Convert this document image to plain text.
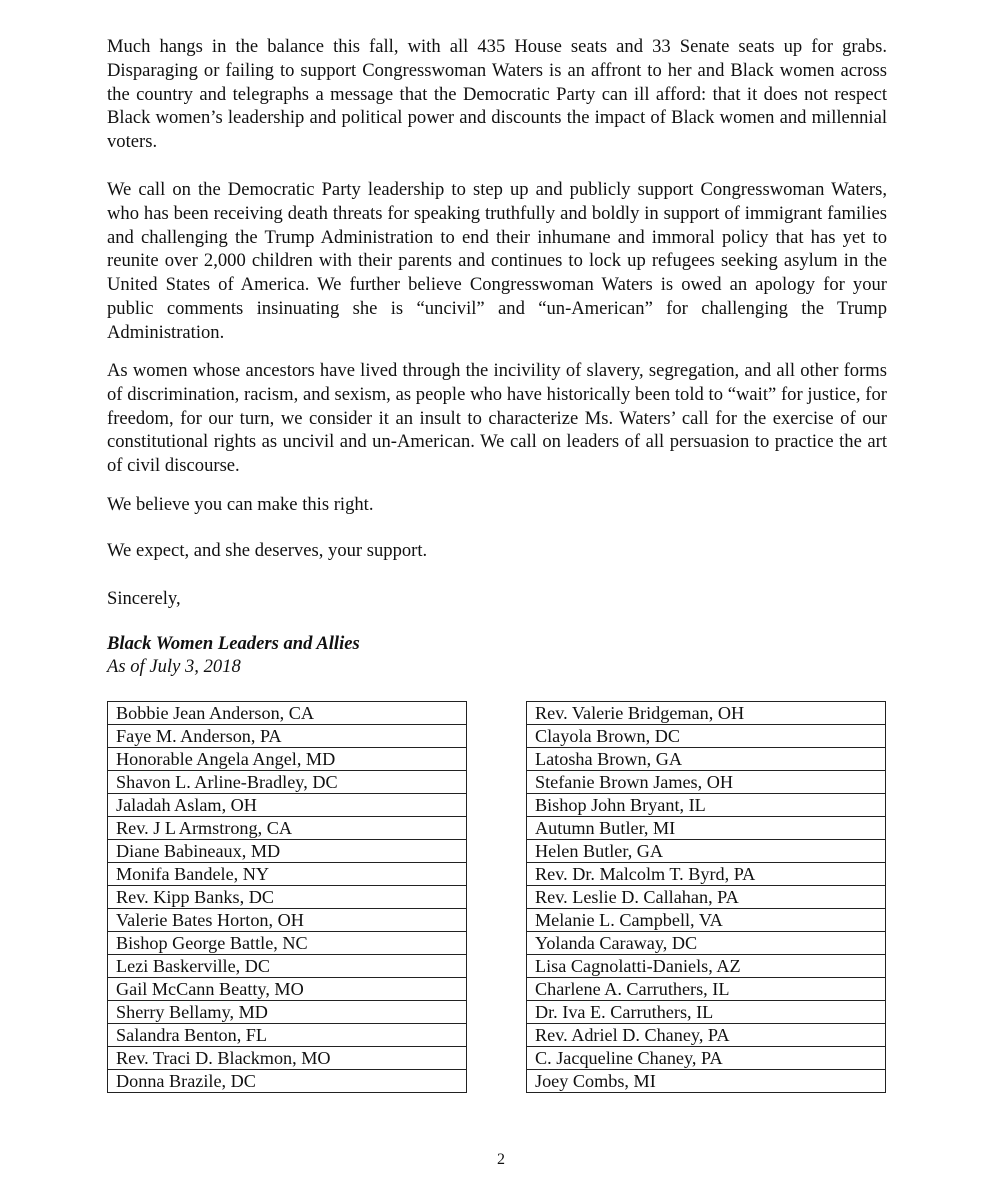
Much hangs in the balance this fall, with all 435 House seats and 33 Senate seats up for grabs. Disparaging or failing to support Congresswoman Waters is an affront to her and Black women across the country and telegraphs a message that the Democratic Party can ill afford: that it does not respect Black women’s leadership and political power and discounts the impact of Black women and millennial voters.

We call on the Democratic Party leadership to step up and publicly support Congresswoman Waters, who has been receiving death threats for speaking truthfully and boldly in support of immigrant families and challenging the Trump Administration to end their inhumane and immoral policy that has yet to reunite over 2,000 children with their parents and continues to lock up refugees seeking asylum in the United States of America. We further believe Congresswoman Waters is owed an apology for your public comments insinuating she is “uncivil” and “un-American” for challenging the Trump Administration.

As women whose ancestors have lived through the incivility of slavery, segregation, and all other forms of discrimination, racism, and sexism, as people who have historically been told to “wait” for justice, for freedom, for our turn, we consider it an insult to characterize Ms. Waters’ call for the exercise of our constitutional rights as uncivil and un-American. We call on leaders of all persuasion to practice the art of civil discourse.

We believe you can make this right.

We expect, and she deserves, your support.

Sincerely,

Black Women Leaders and Allies

As of July 3, 2018

Bobbie Jean Anderson, CA
Faye M. Anderson, PA
Honorable Angela Angel, MD
Shavon L. Arline-Bradley, DC
Jaladah Aslam, OH
Rev. J L Armstrong, CA
Diane Babineaux, MD
Monifa Bandele, NY
Rev. Kipp Banks, DC
Valerie Bates Horton, OH
Bishop George Battle, NC
Lezi Baskerville, DC
Gail McCann Beatty, MO
Sherry Bellamy, MD
Salandra Benton, FL
Rev. Traci D. Blackmon, MO
Donna Brazile, DC
Rev. Valerie Bridgeman, OH
Clayola Brown, DC
Latosha Brown, GA
Stefanie Brown James, OH
Bishop John Bryant, IL
Autumn Butler, MI
Helen Butler, GA
Rev. Dr. Malcolm T. Byrd, PA
Rev. Leslie D. Callahan, PA
Melanie L. Campbell, VA
Yolanda Caraway, DC
Lisa Cagnolatti-Daniels, AZ
Charlene A. Carruthers, IL
Dr. Iva E. Carruthers, IL
Rev. Adriel D. Chaney, PA
C. Jacqueline Chaney, PA
Joey Combs, MI
2
